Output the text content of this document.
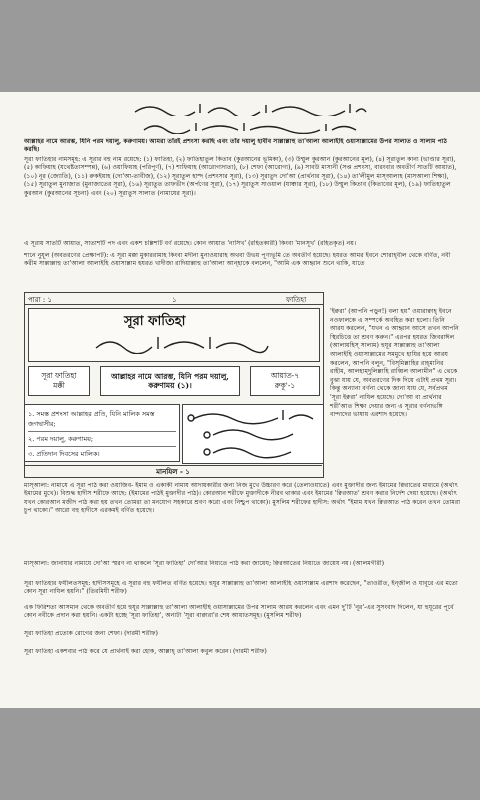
আল্লাহর নামে আরম্ভ, যিনি পরম দয়ালু, করুণাময়। আমরা তাঁরই প্রশংসা করছি এবং তাঁর দয়ালু হাবীব সাল্লাল্লাহু তা'আলা আলাইহি ওয়াসাল্লামের উপর সালাত ও সালাম পাঠ করছি।
সূরা ফাতিহার নামসমূহ: এ সূরার বহু নাম রয়েছে: (১) ফাতিহা, (২) ফাতিহাতুল কিতাব (কুরআনের ভূমিকা), (৩) উম্মুল কুরআন (কুরআনের মূল), (৪) সূরাতুল কান্য (ভাণ্ডার সূরা), (৫) কাফিয়াহ (যথেষ্টতাসম্পন্ন), (৬) ওয়াফিয়াহ (পরিপূর্ণ), (৭) শাফিয়াহ (আরোগ্যদাতা), (৮) শেফা (আরোগ্য), (৯) সাবউ মাসানী (সপ্ত প্রশংসা, বারংবার অবতীর্ণ সাতটি আয়াত), (১০) নূর (জ্যোতি), (১১) রুকইয়াহ (দো'আ-তাবীজ), (১২) সূরাতুল হাম্দ (প্রশংসার সূরা), (১৩) সূরাতুদ দো'আ (প্রার্থনার সূরা), (১৪) তা'লীমুল মাস্আলাহ (মাসআলা শিক্ষা), (১৫) সূরাতুল মুনাজাত (মুনাজাতের সূরা), (১৬) সূরাতুত তাফভীদ (অর্পণের সূরা), (১৭) সূরাতুস সাওয়াল (যাঞ্চার সূরা), (১৮) উম্মুল কিতাব (কিতাবের মূল), (১৯) ফাতিহাতুল কুরআন (কুরআনের সূচনা) এবং (২০) সূরাতুস সালাত (নামাযের সূরা)।
এ সূরায় সাতটি আয়াত, সাতাশটি পদ এবং একশ চল্লিশটি বর্ণ রয়েছে। কোন আয়াত 'নাসিখ' (রহিতকারী) কিংবা 'মানসূখ' (রহিতকৃত) নয়।
শানে নুযূল (অবতরণের প্রেক্ষাপট): এ সূরা মক্কা মুকাররামাহ কিংবা মদীনা মুনাওয়ারাহ অথবা উভয় পূণ্যভূমি তে অবতীর্ণ হয়েছে। হযরত আমর ইবনে শোরাহ্‌বীল থেকে বর্ণিত, নবী করীম সাল্লাল্লাহু তা'আলা আলাইহি ওয়াসাল্লাম হযরত খাদীজা রাদিয়াল্লাহু তা'আলা আন্‌হাকে বললেন, "আমি এক আহ্বান শুনে থাকি, যাতে
পারা : ১	১	ফাতিহা
সূরা ফাতিহা
সূরা ফাতিহা
মক্কী
আল্লাহর নামে আরম্ভ, যিনি পরম দয়ালু, করুণাময় (১)।
আয়াত-৭
রুকূ'-১
১. সমস্ত প্রশংসা আল্লাহর প্রতি, যিনি মালিক সমস্ত জগদ্বাসীর;
২. পরম দয়ালু, করুণাময়;
৩. প্রতিদান দিবসের মালিক।
মানযিল - ১
'ইক্বরা' (আপনি পড়ুন!) বলা হয়" ওয়ারাক্বাহ্ ইবনে নওফালকে এ সম্পর্কে অবহিত করা হলো। তিনি আরয করলেন, "যখন এ আহ্বান আসে তখন আপনি স্থিরচিত্তে তা শ্রবণ করুন।" এরপর হযরত জিবরাঈল (আলায়হিস্ সালাম) হুযূর সাল্লাল্লাহু তা'আলা আলাইহি ওয়াসাল্লামের সমমুখে হাযির হয়ে আরয করলেন, আপনি বলুন, "বিস্‌মিল্লাহির রাহ্‌মানির রাহীম, আলহাম্‌দুলিল্লাহি রাব্বিল আলামীন" এ থেকে বুঝা যায় যে, অবতরণের দিক দিয়ে এটাই প্রথম সূরা। কিন্তু অন্যান্য বর্ণনা থেকে জানা যায় যে, সর্বপ্রথম 'সূরা ইক্বরা' নাযিল হয়েছে। দো'আ বা প্রার্থনার শরী'আত শিক্ষা দেয়ার জন্য এ সূরার বর্ণনাভঙ্গি বান্দাদের ভাষায় এরশাদ হয়েছে।
মাস্‌আলা: নামাযে এ সূরা পাঠ করা ওয়াজিব- ইমাম ও একাকী নামায আদায়কারীর জন্য নিজ মুখে উচ্চারণ করে (তেলাওয়াতে) এবং মুক্তাদীর জন্য ইমামের ক্বিরাতের মাধ্যমে (অর্থাৎ ইমামের মুখে)। বিশুদ্ধ হাদীস শরীফে আছে: (ইমামের পাঠই মুক্তাদীর পাঠ)। কোরআন শরীফে মুক্তাদীকে নীরব থাকার এবং ইমামের 'ক্বিরআত' শ্রবণ করার নির্দেশ দেয়া হয়েছে। (অর্থাৎ যখন কোরআন মজীদ পাঠ করা হয় তখন তোমরা তা মনযোগ সহকারে শ্রবণ করো এবং নিশ্চুপ থাকো)। মুসলিম শরীফের হাদীস: অর্থাৎ "ইমাম যখন ক্বিরআত পাঠ করেন তখন তোমরা চুপ থাকো।" আরো বহু হাদীসে এরকমই বর্ণিত হয়েছে।
মাস্‌আলা: জানাযার নামাযে দো'আ স্মরণ না থাকলে 'সূরা ফাতিহা' দো'আর নিয়্যতে পাঠ করা জায়েয; ক্বিরআতের নিয়্যতে জায়েয নয়। (আলমগীরী)
সূরা ফাতিহার ফযীলতসমূহ: হাদীসসমূহে এ সূরার বহু ফযীলত বর্ণিত হয়েছে। হুযূর সাল্লাল্লাহু তা'আলা আলাইহি ওয়াসাল্লাম এরশাদ করেছেন, "তাওরীত, ইন্‌জীল ও যাবূরে এর মতো কোন সূরা নাযিল হয়নি।" (তিরমিযী শরীফ)
এক ফিরিশতা আসমান থেকে অবতীর্ণ হয়ে হুযূর সাল্লাল্লাহু তা'আলা আলাইহি ওয়াসাল্লামের উপর সালাম আরয করলেন এবং এমন দু'টি 'নূর'-এর সুসংবাদ দিলেন, যা হুযূরের পূর্বে কোন নবীকে প্রদান করা হয়নি। একটা হচ্ছে 'সূরা ফাতিহা', অন্যটা 'সূরা বাক্বারা'র শেষ আয়াতসমূহ। (মুসলিম শরীফ)
সূরা ফাতিহা প্রত্যেক রোগের জন্য শেফা। (দারমী শরীফ)
সূরা ফাতিহা একশবার পাঠ করে যে প্রার্থনাই করা হোক, আল্লাহ্ তা'আলা কবুল করেন। (দারমী শরীফ)
